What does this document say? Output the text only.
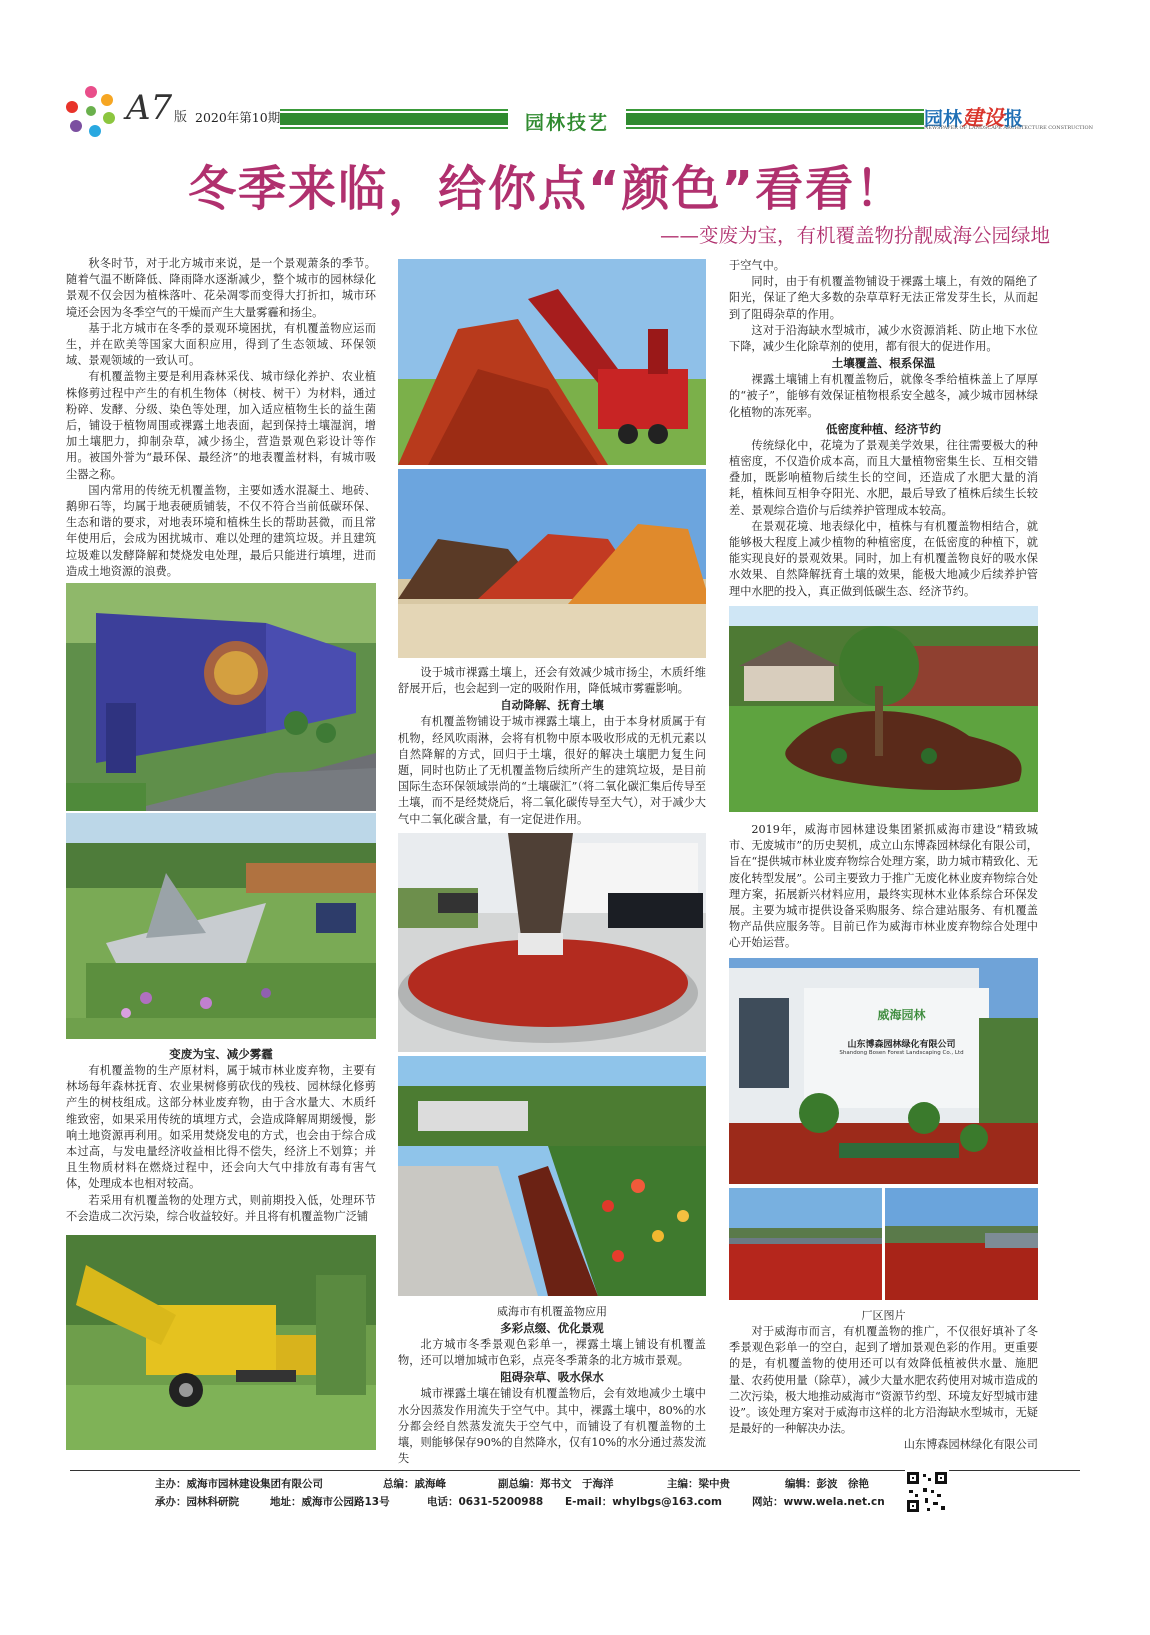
A7 版 2020年第10期	园林技艺	园林建设报
NEWSPAPER OF LANDSCAPE ARCHITECTURE CONSTRUCTION
冬季来临，给你点“颜色”看看！
——变废为宝，有机覆盖物扮靓威海公园绿地

秋冬时节，对于北方城市来说，是一个景观萧条的季节。随着气温不断降低、降雨降水逐渐减少，整个城市的园林绿化景观不仅会因为植株落叶、花朵凋零而变得大打折扣，城市环境还会因为冬季空气的干燥而产生大量雾霾和扬尘。

基于北方城市在冬季的景观环境困扰，有机覆盖物应运而生，并在欧美等国家大面积应用，得到了生态领域、环保领域、景观领域的一致认可。

有机覆盖物主要是利用森林采伐、城市绿化养护、农业植株修剪过程中产生的有机生物体（树枝、树干）为材料，通过粉碎、发酵、分级、染色等处理，加入适应植物生长的益生菌后，铺设于植物周围或裸露土地表面，起到保持土壤湿润，增加土壤肥力，抑制杂草，减少扬尘，营造景观色彩设计等作用。被国外誉为“最环保、最经济”的地表覆盖材料，有城市吸尘器之称。

国内常用的传统无机覆盖物，主要如透水混凝土、地砖、鹅卵石等，均属于地表硬质铺装，不仅不符合当前低碳环保、生态和谐的要求，对地表环境和植株生长的帮助甚微，而且常年使用后，会成为困扰城市、难以处理的建筑垃圾。并且建筑垃圾难以发酵降解和焚烧发电处理，最后只能进行填埋，进而造成土地资源的浪费。

变废为宝、减少雾霾

有机覆盖物的生产原材料，属于城市林业废弃物，主要有林场每年森林抚育、农业果树修剪砍伐的残枝、园林绿化修剪产生的树枝组成。这部分林业废弃物，由于含水量大、木质纤维致密，如果采用传统的填埋方式，会造成降解周期缓慢，影响土地资源再利用。如采用焚烧发电的方式，也会由于综合成本过高，与发电量经济收益相比得不偿失，经济上不划算；并且生物质材料在燃烧过程中，还会向大气中排放有毒有害气体，处理成本也相对较高。

若采用有机覆盖物的处理方式，则前期投入低，处理环节不会造成二次污染，综合收益较好。并且将有机覆盖物广泛铺

设于城市裸露土壤上，还会有效减少城市扬尘，木质纤维舒展开后，也会起到一定的吸附作用，降低城市雾霾影响。

自动降解、抚育土壤

有机覆盖物铺设于城市裸露土壤上，由于本身材质属于有机物，经风吹雨淋，会将有机物中原本吸收形成的无机元素以自然降解的方式，回归于土壤，很好的解决土壤肥力复生问题，同时也防止了无机覆盖物后续所产生的建筑垃圾，是目前国际生态环保领域崇尚的“土壤碳汇”（将二氧化碳汇集后传导至土壤，而不是经焚烧后，将二氧化碳传导至大气），对于减少大气中二氧化碳含量，有一定促进作用。

威海市有机覆盖物应用
多彩点缀、优化景观

北方城市冬季景观色彩单一，裸露土壤上铺设有机覆盖物，还可以增加城市色彩，点亮冬季萧条的北方城市景观。

阻碍杂草、吸水保水

城市裸露土壤在铺设有机覆盖物后，会有效地减少土壤中水分因蒸发作用流失于空气中。其中，裸露土壤中，80%的水分都会经自然蒸发流失于空气中，而铺设了有机覆盖物的土壤，则能够保存90%的自然降水，仅有10%的水分通过蒸发流失

于空气中。

同时，由于有机覆盖物铺设于裸露土壤上，有效的隔绝了阳光，保证了绝大多数的杂草草籽无法正常发芽生长，从而起到了阻碍杂草的作用。

这对于沿海缺水型城市，减少水资源消耗、防止地下水位下降，减少生化除草剂的使用，都有很大的促进作用。

土壤覆盖、根系保温

裸露土壤铺上有机覆盖物后，就像冬季给植株盖上了厚厚的“被子”，能够有效保证植物根系安全越冬，减少城市园林绿化植物的冻死率。

低密度种植、经济节约

传统绿化中，花境为了景观美学效果，往往需要极大的种植密度，不仅造价成本高，而且大量植物密集生长、互相交错叠加，既影响植物后续生长的空间，还造成了水肥大量的消耗，植株间互相争夺阳光、水肥，最后导致了植株后续生长较差、景观综合造价与后续养护管理成本较高。

在景观花境、地表绿化中，植株与有机覆盖物相结合，就能够极大程度上减少植物的种植密度，在低密度的种植下，就能实现良好的景观效果。同时，加上有机覆盖物良好的吸水保水效果、自然降解抚育土壤的效果，能极大地减少后续养护管理中水肥的投入，真正做到低碳生态、经济节约。

2019年，威海市园林建设集团紧抓威海市建设“精致城市、无废城市”的历史契机，成立山东博森园林绿化有限公司，旨在“提供城市林业废弃物综合处理方案，助力城市精致化、无废化转型发展”。公司主要致力于推广无废化林业废弃物综合处理方案，拓展新兴材料应用，最终实现林木业体系综合环保发展。主要为城市提供设备采购服务、综合建站服务、有机覆盖物产品供应服务等。目前已作为威海市林业废弃物综合处理中心开始运营。

威海园林
山东博森园林绿化有限公司
Shandong Bosen Forest Landscaping Co., Ltd
厂区图片

对于威海市而言，有机覆盖物的推广，不仅很好填补了冬季景观色彩单一的空白，起到了增加景观色彩的作用。更重要的是，有机覆盖物的使用还可以有效降低植被供水量、施肥量、农药使用量（除草），减少大量水肥农药使用对城市造成的二次污染，极大地推动威海市“资源节约型、环境友好型城市建设”。该处理方案对于威海市这样的北方沿海缺水型城市，无疑是最好的一种解决办法。

山东博森园林绿化有限公司
主办：威海市园林建设集团有限公司	总编：戚海峰	副总编：郑书文　于海洋	主编：梁中贵	编辑：彭波　徐艳
承办：园林科研院	地址：威海市公园路13号	电话：0631-5200988 E-mail：whylbgs@163.com	网站：www.wela.net.cn
